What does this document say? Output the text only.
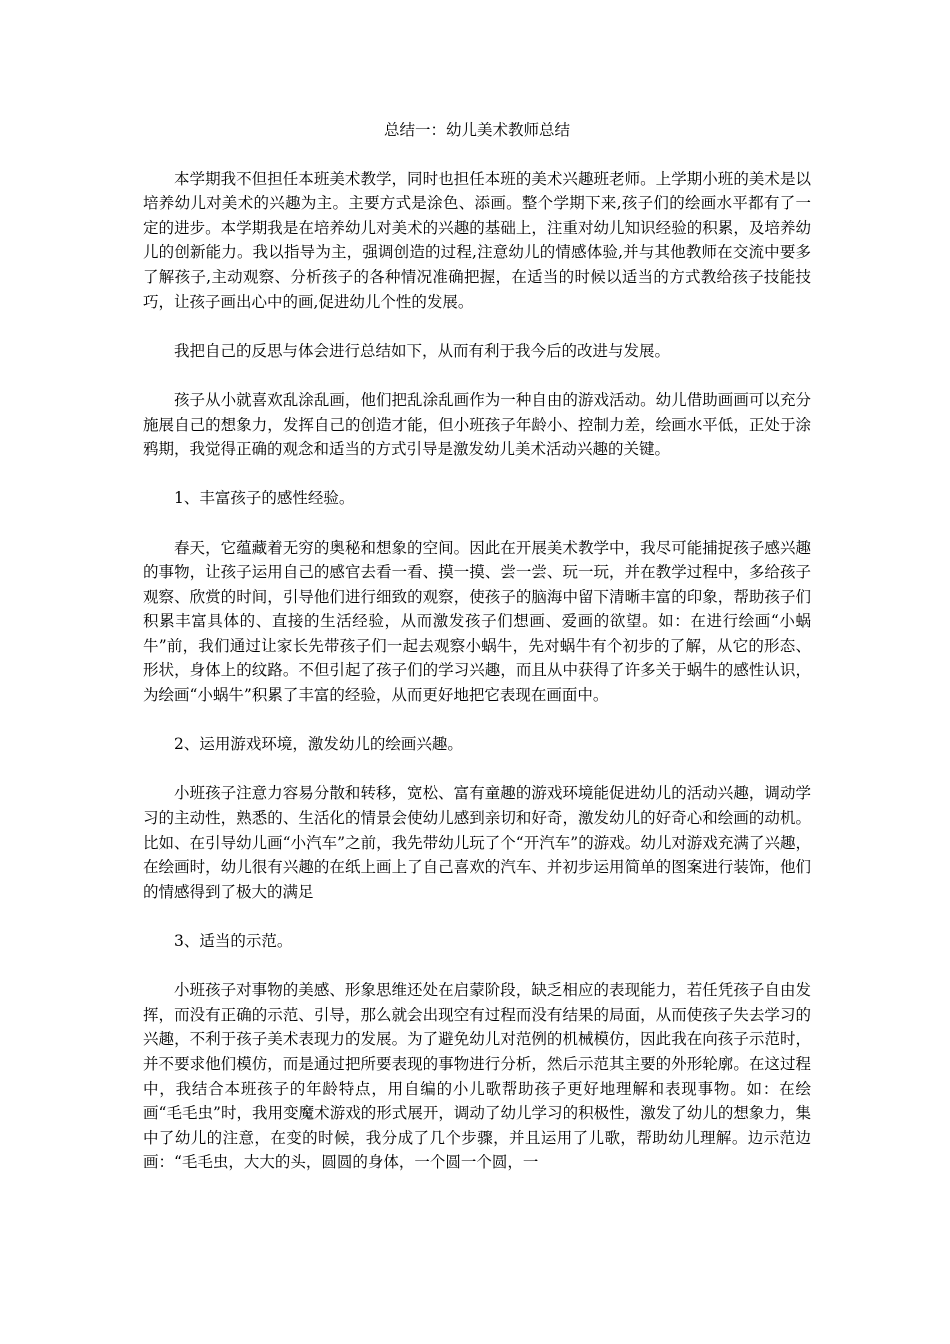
总结一：幼儿美术教师总结

本学期我不但担任本班美术教学，同时也担任本班的美术兴趣班老师。上学期小班的美术是以培养幼儿对美术的兴趣为主。主要方式是涂色、添画。整个学期下来,孩子们的绘画水平都有了一定的进步。本学期我是在培养幼儿对美术的兴趣的基础上，注重对幼儿知识经验的积累，及培养幼儿的创新能力。我以指导为主，强调创造的过程,注意幼儿的情感体验,并与其他教师在交流中要多了解孩子,主动观察、分析孩子的各种情况准确把握，在适当的时候以适当的方式教给孩子技能技巧，让孩子画出心中的画,促进幼儿个性的发展。

我把自己的反思与体会进行总结如下，从而有利于我今后的改进与发展。

孩子从小就喜欢乱涂乱画，他们把乱涂乱画作为一种自由的游戏活动。幼儿借助画画可以充分施展自己的想象力，发挥自己的创造才能，但小班孩子年龄小、控制力差，绘画水平低，正处于涂鸦期，我觉得正确的观念和适当的方式引导是激发幼儿美术活动兴趣的关键。

1、丰富孩子的感性经验。

春天，它蕴藏着无穷的奥秘和想象的空间。因此在开展美术教学中，我尽可能捕捉孩子感兴趣的事物，让孩子运用自己的感官去看一看、摸一摸、尝一尝、玩一玩，并在教学过程中，多给孩子观察、欣赏的时间，引导他们进行细致的观察，使孩子的脑海中留下清晰丰富的印象，帮助孩子们积累丰富具体的、直接的生活经验，从而激发孩子们想画、爱画的欲望。如：在进行绘画“小蜗牛”前，我们通过让家长先带孩子们一起去观察小蜗牛，先对蜗牛有个初步的了解，从它的形态、形状，身体上的纹路。不但引起了孩子们的学习兴趣，而且从中获得了许多关于蜗牛的感性认识，为绘画“小蜗牛”积累了丰富的经验，从而更好地把它表现在画面中。

2、运用游戏环境，激发幼儿的绘画兴趣。

小班孩子注意力容易分散和转移，宽松、富有童趣的游戏环境能促进幼儿的活动兴趣，调动学习的主动性，熟悉的、生活化的情景会使幼儿感到亲切和好奇，激发幼儿的好奇心和绘画的动机。比如、在引导幼儿画“小汽车”之前，我先带幼儿玩了个“开汽车”的游戏。幼儿对游戏充满了兴趣，在绘画时，幼儿很有兴趣的在纸上画上了自己喜欢的汽车、并初步运用简单的图案进行装饰，他们的情感得到了极大的满足

3、适当的示范。

小班孩子对事物的美感、形象思维还处在启蒙阶段，缺乏相应的表现能力，若任凭孩子自由发挥，而没有正确的示范、引导，那么就会出现空有过程而没有结果的局面，从而使孩子失去学习的兴趣，不利于孩子美术表现力的发展。为了避免幼儿对范例的机械模仿，因此我在向孩子示范时，并不要求他们模仿，而是通过把所要表现的事物进行分析，然后示范其主要的外形轮廓。在这过程中，我结合本班孩子的年龄特点，用自编的小儿歌帮助孩子更好地理解和表现事物。如：在绘画“毛毛虫”时，我用变魔术游戏的形式展开，调动了幼儿学习的积极性，激发了幼儿的想象力，集中了幼儿的注意，在变的时候，我分成了几个步骤，并且运用了儿歌，帮助幼儿理解。边示范边画：“毛毛虫，大大的头，圆圆的身体，一个圆一个圆，一
